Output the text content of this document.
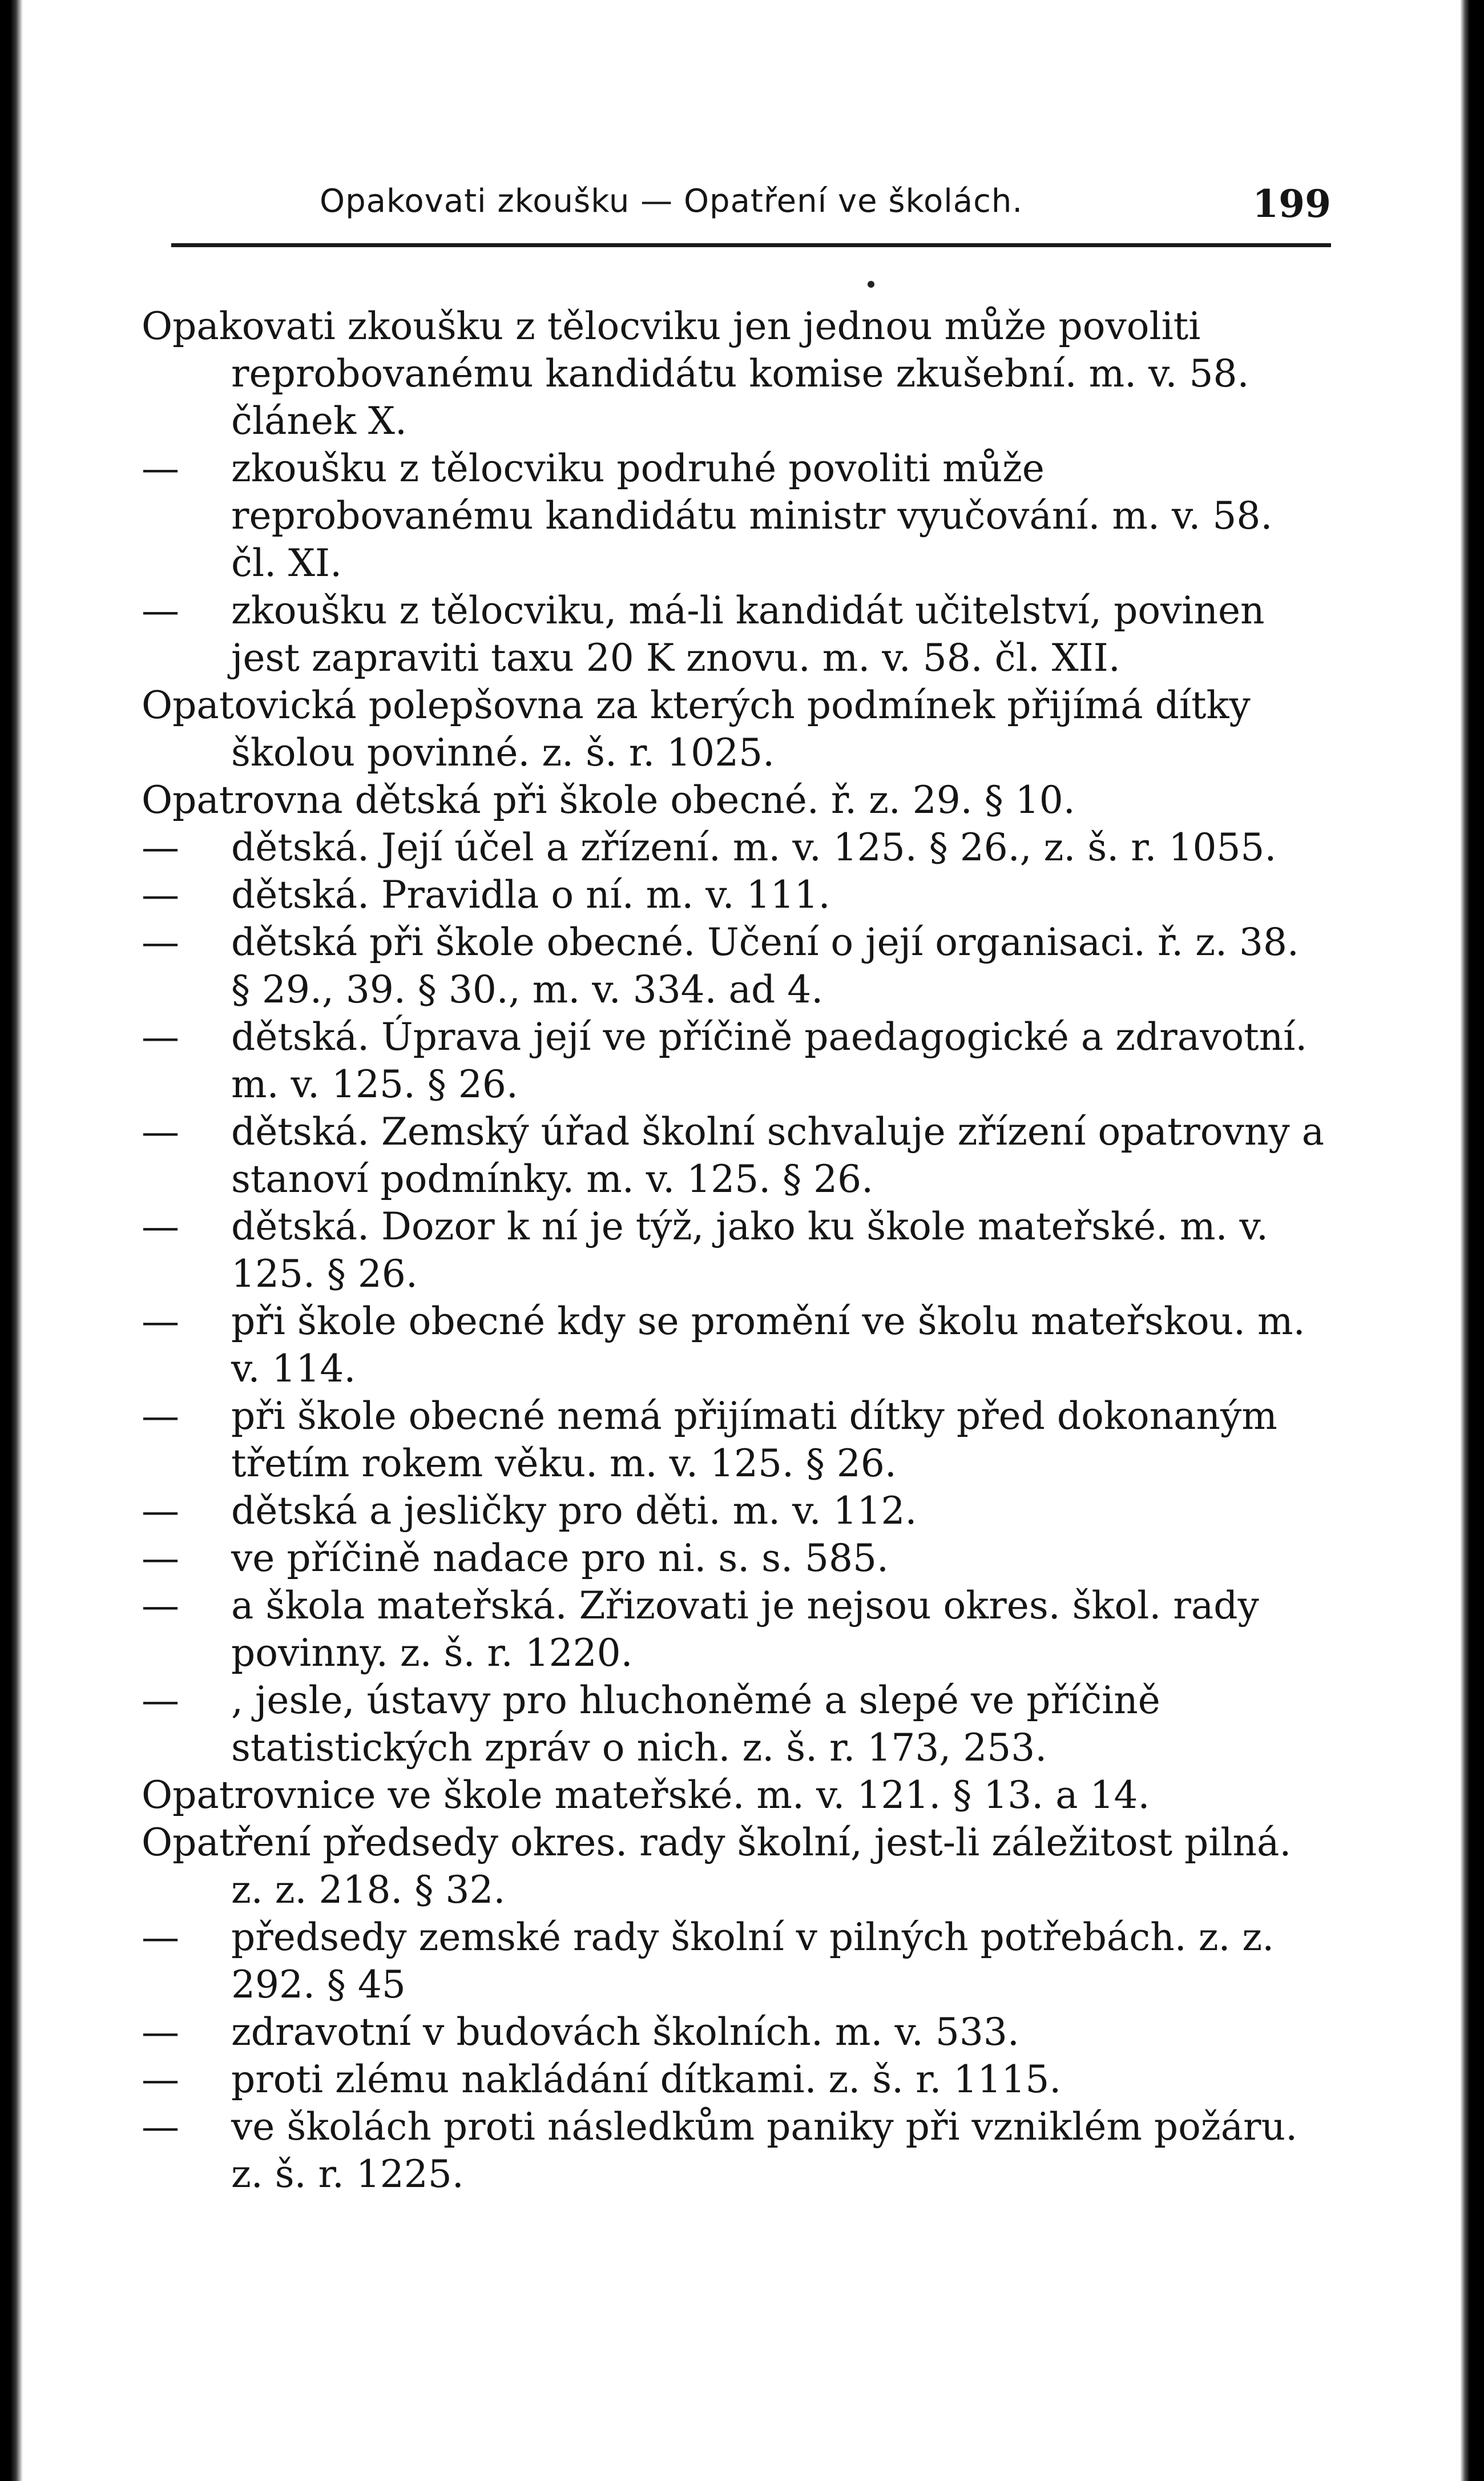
Opakovati zkoušku — Opatření ve školách.	199

Opakovati zkoušku z tělocviku jen jednou může povoliti reprobovanému kandidátu komise zkušební. m. v. 58. článek X.

— zkoušku z tělocviku podruhé povoliti může reprobovanému kandidátu ministr vyučování. m. v. 58. čl. XI.

— zkoušku z tělocviku, má-li kandidát učitelství, povinen jest zapraviti taxu 20 K znovu. m. v. 58. čl. XII.

Opatovická polepšovna za kterých podmínek přijímá dítky školou povinné. z. š. r. 1025.

Opatrovna dětská při škole obecné. ř. z. 29. § 10.

— dětská. Její účel a zřízení. m. v. 125. § 26., z. š. r. 1055.

— dětská. Pravidla o ní. m. v. 111.

— dětská při škole obecné. Učení o její organisaci. ř. z. 38. § 29., 39. § 30., m. v. 334. ad 4.

— dětská. Úprava její ve příčině paedagogické a zdravotní. m. v. 125. § 26.

— dětská. Zemský úřad školní schvaluje zřízení opatrovny a stanoví podmínky. m. v. 125. § 26.

— dětská. Dozor k ní je týž, jako ku škole mateřské. m. v. 125. § 26.

— při škole obecné kdy se promění ve školu mateřskou. m. v. 114.

— při škole obecné nemá přijímati dítky před dokonaným třetím rokem věku. m. v. 125. § 26.

— dětská a jesličky pro děti. m. v. 112.

— ve příčině nadace pro ni. s. s. 585.

— a škola mateřská. Zřizovati je nejsou okres. škol. rady povinny. z. š. r. 1220.

— , jesle, ústavy pro hluchoněmé a slepé ve příčině statistických zpráv o nich. z. š. r. 173, 253.

Opatrovnice ve škole mateřské. m. v. 121. § 13. a 14.

Opatření předsedy okres. rady školní, jest-li záležitost pilná. z. z. 218. § 32.

— předsedy zemské rady školní v pilných potřebách. z. z. 292. § 45

— zdravotní v budovách školních. m. v. 533.

— proti zlému nakládání dítkami. z. š. r. 1115.

— ve školách proti následkům paniky při vzniklém požáru. z. š. r. 1225.
